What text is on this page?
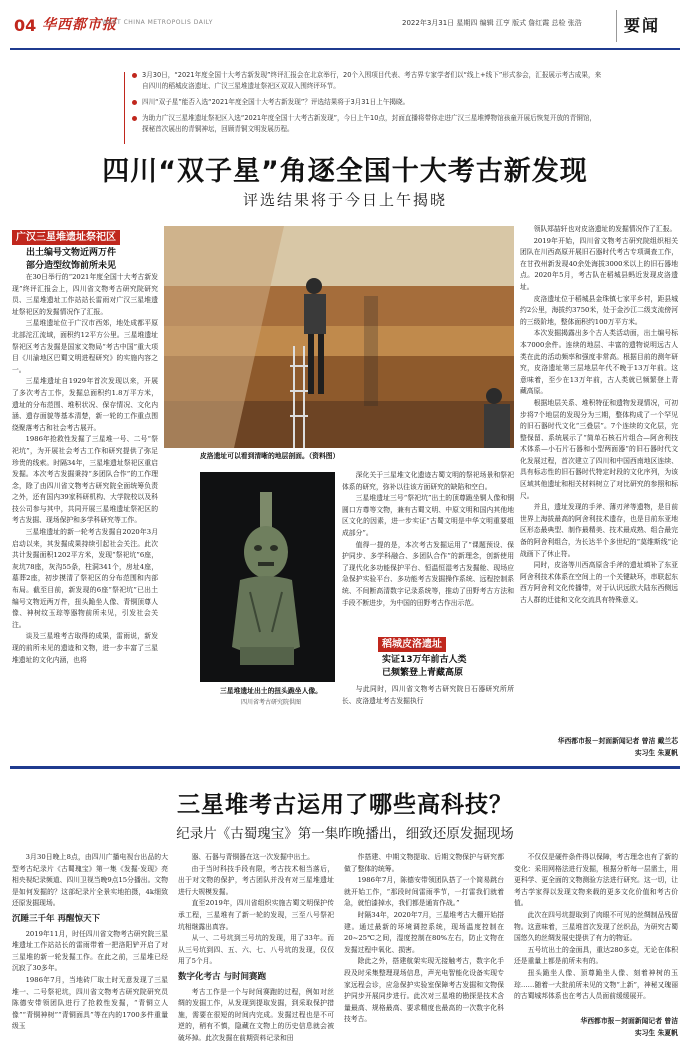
04 华西都市报
WEST CHINA METROPOLIS DAILY	2022年3月31日 星期四 编辑 江亨 版式 詹红霞 总检 张浩	要闻
3月30日，“2021年度全国十大考古新发现”终评汇报会在北京举行，20个入围项目代表、考古界专家学者们以“线上+线下”形式参会，汇报展示考古成果，来自四川的稻城皮洛遗址、广汉三星堆遗址祭祀区双双入围终评环节。
四川“双子星”能否入选“2021年度全国十大考古新发现”？评选结果将于3月31日上午揭晓。
为助力广汉三星堆遗址祭祀区入选“2021年度全国十大考古新发现”，今日上午10点，封面直播将带你走进广汉三星堆博物馆孩童开展后恢复开放的青铜馆，探秘首次展出的青铜神坛，回顾青铜文明发展历程。
四川“双子星”角逐全国十大考古新发现
评选结果将于今日上午揭晓
广汉三星堆遗址祭祀区
出土编号文物近两万件
部分造型纹饰前所未见

在30日举行的“2021年度全国十大考古新发现”终评汇报会上，四川省文物考古研究院研究员、三星堆遗址工作站站长雷雨对广汉三星堆遗址祭祀区的发掘情况作了汇报。

三星堆遗址位于广汉市西郊，地处成都平原北部沱江流域，面积约12平方公里。三星堆遗址祭祀区考古发掘是国家文物局“考古中国”重大项目《川渝地区巴蜀文明进程研究》的实施内容之一。

三星堆遗址自1929年首次发现以来，开展了多次考古工作，发掘总面积约1.8万平方米，遗址的分布范围、堆积状况、保存情况、文化内涵、遗存面貌等基本清楚，新一轮的工作重点围绕聚落考古和社会考古展开。

1986年抢救性发掘了三星堆一号、二号“祭祀坑”，为开展社会考古工作和研究提供了弥足珍贵的线索。时隔34年，三星堆遗址祭祀区重启发掘。本次考古发掘秉持“多团队合作”的工作理念，除了由四川省文物考古研究院全面统筹负责之外，还有国内39家科研机构、大学院校以及科技公司参与其中，共同开展三星堆遗址祭祀区的考古发掘、现场保护和多学科研究等工作。

三星堆遗址的新一轮考古发掘自2020年3月启动以来，其发掘成果持续引起社会关注。此次共计发掘面积1202平方米，发现“祭祀坑”6座，灰坑78座，灰沟55条，柱洞341个，房址4座，墓葬2座，初步摸清了祭祀区的分布范围和内部布局。截至目前，新发现的6座“祭祀坑”已出土编号文物近两万件，扭头跪坐人像、青铜顶尊人像、神树纹玉琮等器物前所未见，引发社会关注。

谈及三星堆考古取得的成果，雷雨说，新发现的前所未见的遗迹和文物，进一步丰富了三星堆遗址的文化内涵，也将

皮洛遗址可以看到清晰的地层剖面。（资料图）
三星堆遗址出土的扭头跪坐人像。
四川省考古研究院供图

深化关于三星堆文化遗迹古蜀文明的祭祀场景和祭祀体系的研究，弥补以往该方面研究的缺陷和空白。

三星堆遗址三号“祭祀坑”出土的顶尊跪坐铜人像和铜圆口方尊等文物，兼有古蜀文明、中原文明和国内其他地区文化的因素，进一步实证“古蜀文明是中华文明重要组成部分”。

值得一提的是，本次考古发掘运用了“课题预设、保护同步、多学科融合、多团队合作”的新理念，创新使用了现代化多功能保护平台、恒温恒湿考古发掘舱、现场应急保护实验平台、多功能考古发掘操作系统、远程控制系统、不间断高清数字记录系统等，推动了田野考古方法和手段不断进步，为中国的田野考古作出示范。

稻城皮洛遗址
实证13万年前古人类
已频繁登上青藏高原

与此同时，四川省文物考古研究院日石器研究所所长、皮洛遗址考古发掘执行

领队郑喆轩也对皮洛遗址的发掘情况作了汇报。

2019年开始，四川省文物考古研究院组织相关团队在川西高原开展旧石器时代考古专项调查工作，在甘孜州新发现40余处海拔3000米以上的旧石器地点。2020年5月，考古队在稻城县蚂近发现皮洛遗址。

皮洛遗址位于稻城县金珠镇七家平乡村，距县城约2公里，海拔约3750米，处于金沙江二级支流傍河的三级阶地，整体面积约100万平方米。

本次发掘揭露出多个古人类活动面，出土编号标本7000余件。连续的地层、丰富的遗物说明远古人类在此的活动频率和强度非常高。根据目前的测年研究，皮洛遗址第三层地层年代不晚于13万年前。这意味着，至少在13万年前，古人类就已频繁登上青藏高原。

根据地层关系、堆积特征和遗物发现情况，可初步将7个地层的发现分为三期，整体构成了一个罕见的旧石器时代文化“三叠层”。7个连续的文化层，完整保留、系统展示了“简单石核石片组合—阿舍利技术体系—小石片石器和小型两面器”的旧石器时代文化发展过程，首次建立了四川和中国西南地区连续、具有标志性的旧石器时代特定时段的文化序列，为该区域其他遗址和相关材料树立了对比研究的参照和标尺。

并且，遗址发现的手斧、薄刃斧等遗物，是目前世界上海拔最高的阿舍利技术遗存，也是目前东亚地区形态最典型、制作最精美、技术最成熟、组合最完备的阿舍利组合，为长达半个多世纪的“莫维斯线”论战画下了休止符。

同时，皮洛等川西高原含手斧的遗址填补了东亚阿舍利技术体系在空间上的一个关键缺环，串联起东西方阿舍利文化传播带，对于认识远欧大陆东西侧远古人群的迁徙和文化交流具有特殊意义。

华西都市报－封面新闻记者 曾洁 戴兰芯
实习生 朱夏帆
三星堆考古运用了哪些高科技？
纪录片《古蜀瑰宝》第一集昨晚播出，细致还原发掘现场

3月30日晚上8点，由四川广播电视台出品的大型考古纪录片《古蜀瑰宝》第一集《发掘·发现》亮相央视纪录频道、四川卫视当晚9点15分播出。文物是如何发掘的？这部纪录片全景实地拍摄，4k细致还原发掘现场。

沉睡三千年 再醒惊天下

2019年11月，时任四川省文物考古研究院三星堆遗址工作站站长的雷雨带着一把洛阳铲开启了对三星堆的新一轮发掘工作。在此之前，三星堆已经沉寂了30多年。

1986年7月，当地砖厂取土时无意发现了三星堆一、二号祭祀坑，四川省文物考古研究院研究员陈德安带领团队进行了抢救性发掘，“青铜立人像”“青铜神树”“青铜面具”等在内的1700多件重量级玉

器、石器与青铜器在这一次发掘中出土。

由于当时科技手段有限，考古技术相当落后，出于对文物的保护，考古团队并没有对三星堆遗址进行大规模发掘。

直至2019年，四川省组织实施古蜀文明保护传承工程，三星堆有了新一轮的发现，三至八号祭祀坑相继露出真容。

从一、二号坑到三号坑的发现，用了33年。而从三号坑到四、五、六、七、八号坑的发现，仅仅用了5个月。

数字化考古 与时间赛跑

考古工作是一个与时间赛跑的过程，例如对丝绸的发掘工作，从发现到提取发掘，到采取保护措施，需要在很短的时间内完成。发掘过程也是不可逆的，稍有不慎，隐藏在文物上的历史信息就会被破坏掉。此次发掘在前期资料记录和田

作搭建、中期文物提取、后期文物保护与研究都做了整体的统筹。

1986年7月，陈德安带领团队搭了一个简易跳台就开始工作，“那段时间雷雨季节，一打雷我们就着急，就怕漆掉水，我们都是通宵作战。”

时隔34年，2020年7月，三星堆考古大棚开始搭建。通过最新的环境调控系统，现场温度控制在20~25℃之间，湿度控制在80%左右，防止文物在发掘过程中氧化、损害。

除此之外，搭建航架实现无接触考古，数字化手段及时采集整理现场信息，声光电智能化设备实现专家远程会诊，应急保护实验室保障考古发掘和文物保护同步开展同步进行。此次对三星堆的勘探是技术含量最高、规格最高、要求精度也最高的一次数字化科技考古。

不仅仅是硬件条件得以保障，考古理念也有了新的变化：采用网格法进行发掘，根据分析每一层需土，用更科学、更全面的文物测验方法进行研究。这一切，让考古学家得以发现文物来载的更多文化价值和考古价值。

此次在四号坑提取到了肉眼不可见的丝绸制品残留物。这意味着，三星堆首次发现了丝织品，为研究古蜀国悠久的丝绸发展史提供了有力的物证。

五号坑出土的金面具，重达280多克，无论在体积还是重量上都是前所未有的。

扭头跪坐人像、顶尊跪坐人像、刻着神树的玉琮……随着一大批前所未见的文物“上新”，神秘又瑰丽的古蜀城邦体系也在考古人员面前缓缓展开。

华西都市报－封面新闻记者 曾洁
实习生 朱夏帆
